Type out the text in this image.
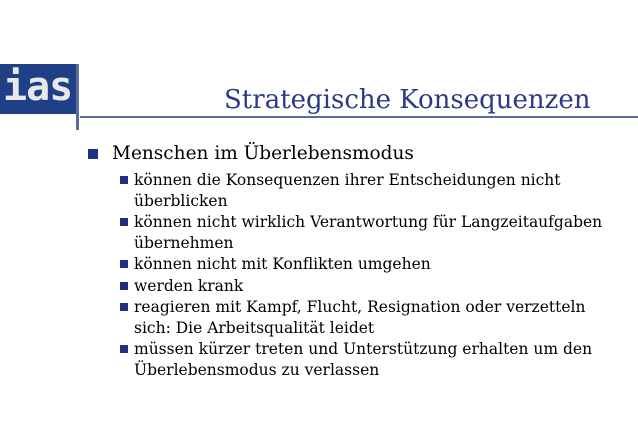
ias	Strategische Konsequenzen
Menschen im Überlebensmodus
können die Konsequenzen ihrer Entscheidungen nicht
überblicken
können nicht wirklich Verantwortung für Langzeitaufgaben
übernehmen
können nicht mit Konflikten umgehen
werden krank
reagieren mit Kampf, Flucht, Resignation oder verzetteln
sich: Die Arbeitsqualität leidet
müssen kürzer treten und Unterstützung erhalten um den
Überlebensmodus zu verlassen
